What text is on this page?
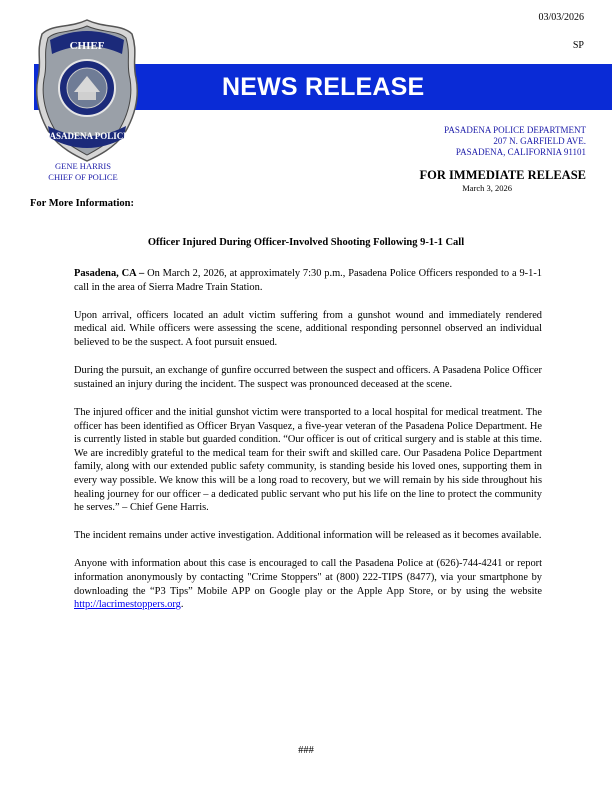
03/03/2026
SP
NEWS RELEASE
CHIEF
PASADENA POLICE
GENE HARRIS
CHIEF OF POLICE
PASADENA POLICE DEPARTMENT
207 N. GARFIELD AVE.
PASADENA, CALIFORNIA 91101
FOR IMMEDIATE RELEASE
March 3, 2026
For More Information:
Officer Injured During Officer-Involved Shooting Following 9-1-1 Call

Pasadena, CA – On March 2, 2026, at approximately 7:30 p.m., Pasadena Police Officers responded to a 9-1-1 call in the area of Sierra Madre Train Station.

Upon arrival, officers located an adult victim suffering from a gunshot wound and immediately rendered medical aid. While officers were assessing the scene, additional responding personnel observed an individual believed to be the suspect. A foot pursuit ensued.

During the pursuit, an exchange of gunfire occurred between the suspect and officers. A Pasadena Police Officer sustained an injury during the incident. The suspect was pronounced deceased at the scene.

The injured officer and the initial gunshot victim were transported to a local hospital for medical treatment. The officer has been identified as Officer Bryan Vasquez, a five-year veteran of the Pasadena Police Department. He is currently listed in stable but guarded condition. “Our officer is out of critical surgery and is stable at this time. We are incredibly grateful to the medical team for their swift and skilled care. Our Pasadena Police Department family, along with our extended public safety community, is standing beside his loved ones, supporting them in every way possible. We know this will be a long road to recovery, but we will remain by his side throughout his healing journey for our officer – a dedicated public servant who put his life on the line to protect the community he serves.” – Chief Gene Harris.

The incident remains under active investigation. Additional information will be released as it becomes available.

Anyone with information about this case is encouraged to call the Pasadena Police at (626)-744-4241 or report information anonymously by contacting "Crime Stoppers" at (800) 222-TIPS (8477), via your smartphone by downloading the “P3 Tips” Mobile APP on Google play or the Apple App Store, or by using the website http://lacrimestoppers.org.

###
